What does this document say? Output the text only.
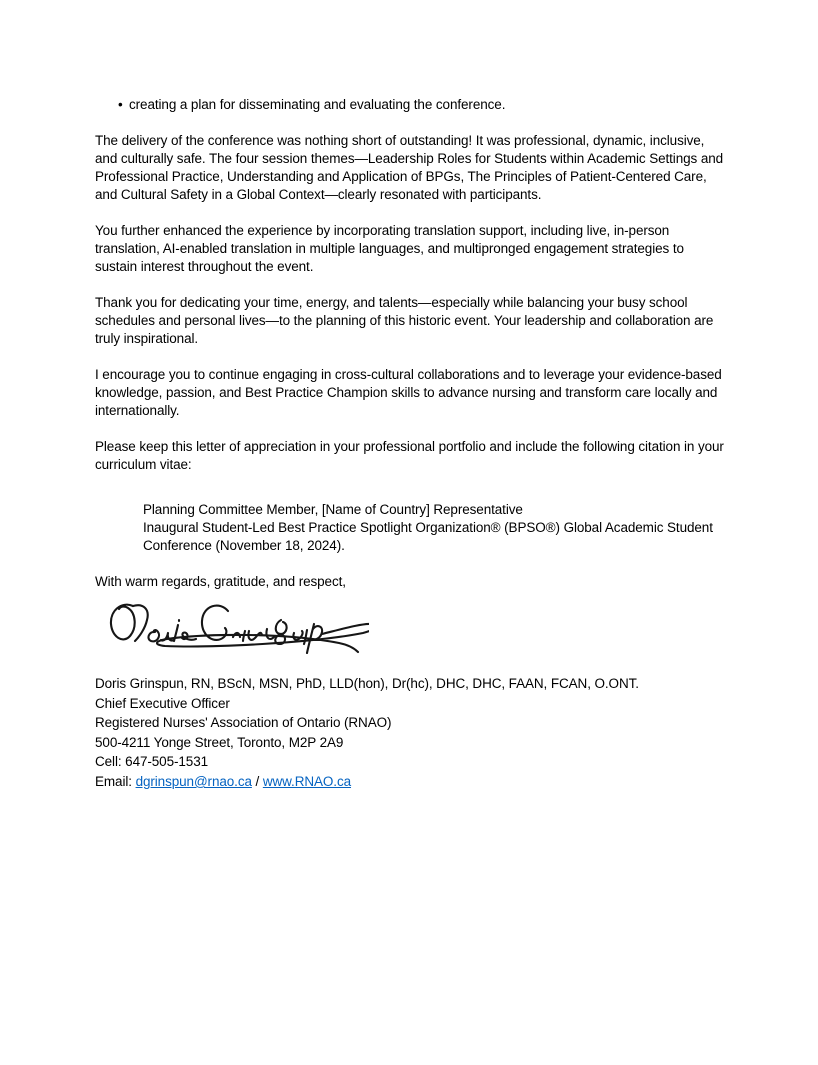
• creating a plan for disseminating and evaluating the conference.

The delivery of the conference was nothing short of outstanding! It was professional, dynamic, inclusive, and culturally safe. The four session themes—Leadership Roles for Students within Academic Settings and Professional Practice, Understanding and Application of BPGs, The Principles of Patient-Centered Care, and Cultural Safety in a Global Context—clearly resonated with participants.

You further enhanced the experience by incorporating translation support, including live, in-person translation, AI-enabled translation in multiple languages, and multipronged engagement strategies to sustain interest throughout the event.

Thank you for dedicating your time, energy, and talents—especially while balancing your busy school schedules and personal lives—to the planning of this historic event. Your leadership and collaboration are truly inspirational.

I encourage you to continue engaging in cross-cultural collaborations and to leverage your evidence-based knowledge, passion, and Best Practice Champion skills to advance nursing and transform care locally and internationally.

Please keep this letter of appreciation in your professional portfolio and include the following citation in your curriculum vitae:

Planning Committee Member, [Name of Country] Representative
Inaugural Student-Led Best Practice Spotlight Organization® (BPSO®) Global Academic Student Conference (November 18, 2024).

With warm regards, gratitude, and respect,

Doris Grinspun, RN, BScN, MSN, PhD, LLD(hon), Dr(hc), DHC, DHC, FAAN, FCAN, O.ONT.
Chief Executive Officer
Registered Nurses' Association of Ontario (RNAO)
500-4211 Yonge Street, Toronto, M2P 2A9
Cell: 647-505-1531
Email: dgrinspun@rnao.ca / www.RNAO.ca
